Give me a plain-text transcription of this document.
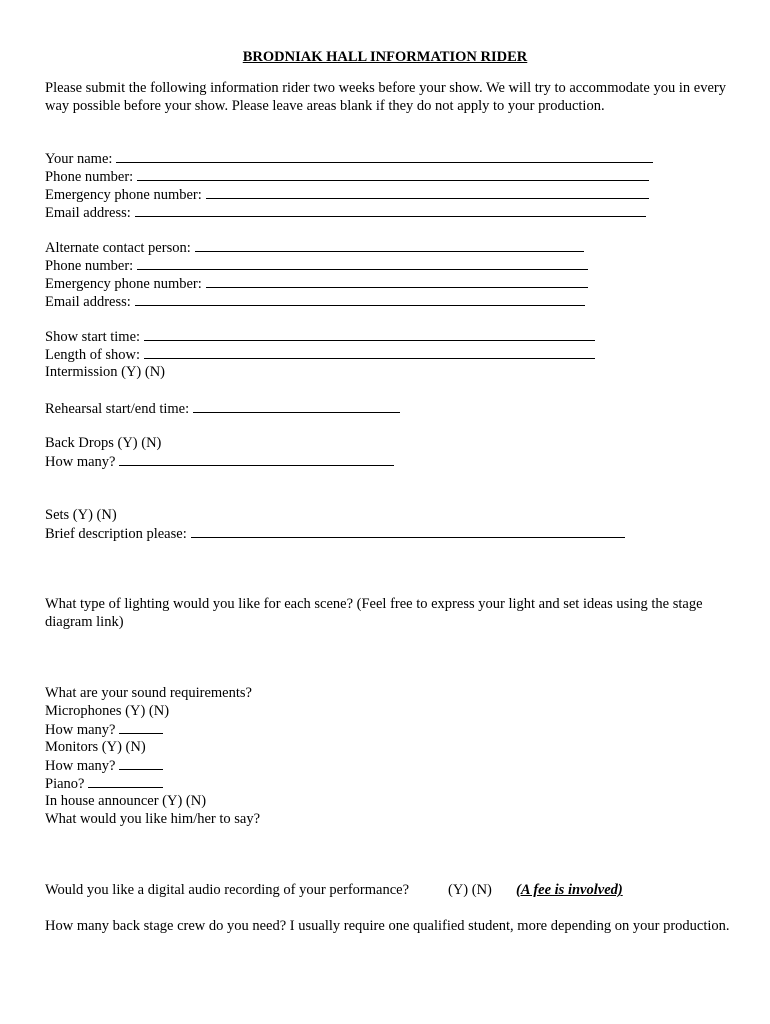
BRODNIAK HALL INFORMATION RIDER
Please submit the following information rider two weeks before your show. We will try to accommodate you in every way possible before your show. Please leave areas blank if they do not apply to your production.
Your name:
Phone number:
Emergency phone number:
Email address:
Alternate contact person:
Phone number:
Emergency phone number:
Email address:
Show start time:
Length of show:
Intermission (Y) (N)
Rehearsal start/end time:
Back Drops (Y) (N)
How many?
Sets (Y) (N)
Brief description please:
What type of lighting would you like for each scene? (Feel free to express your light and set ideas using the stage diagram link)
What are your sound requirements?
Microphones (Y) (N)
How many?
Monitors (Y) (N)
How many?
Piano?
In house announcer (Y) (N)
What would you like him/her to say?
Would you like a digital audio recording of your performance?	(Y) (N) (A fee is involved)
How many back stage crew do you need? I usually require one qualified student, more depending on your production.
